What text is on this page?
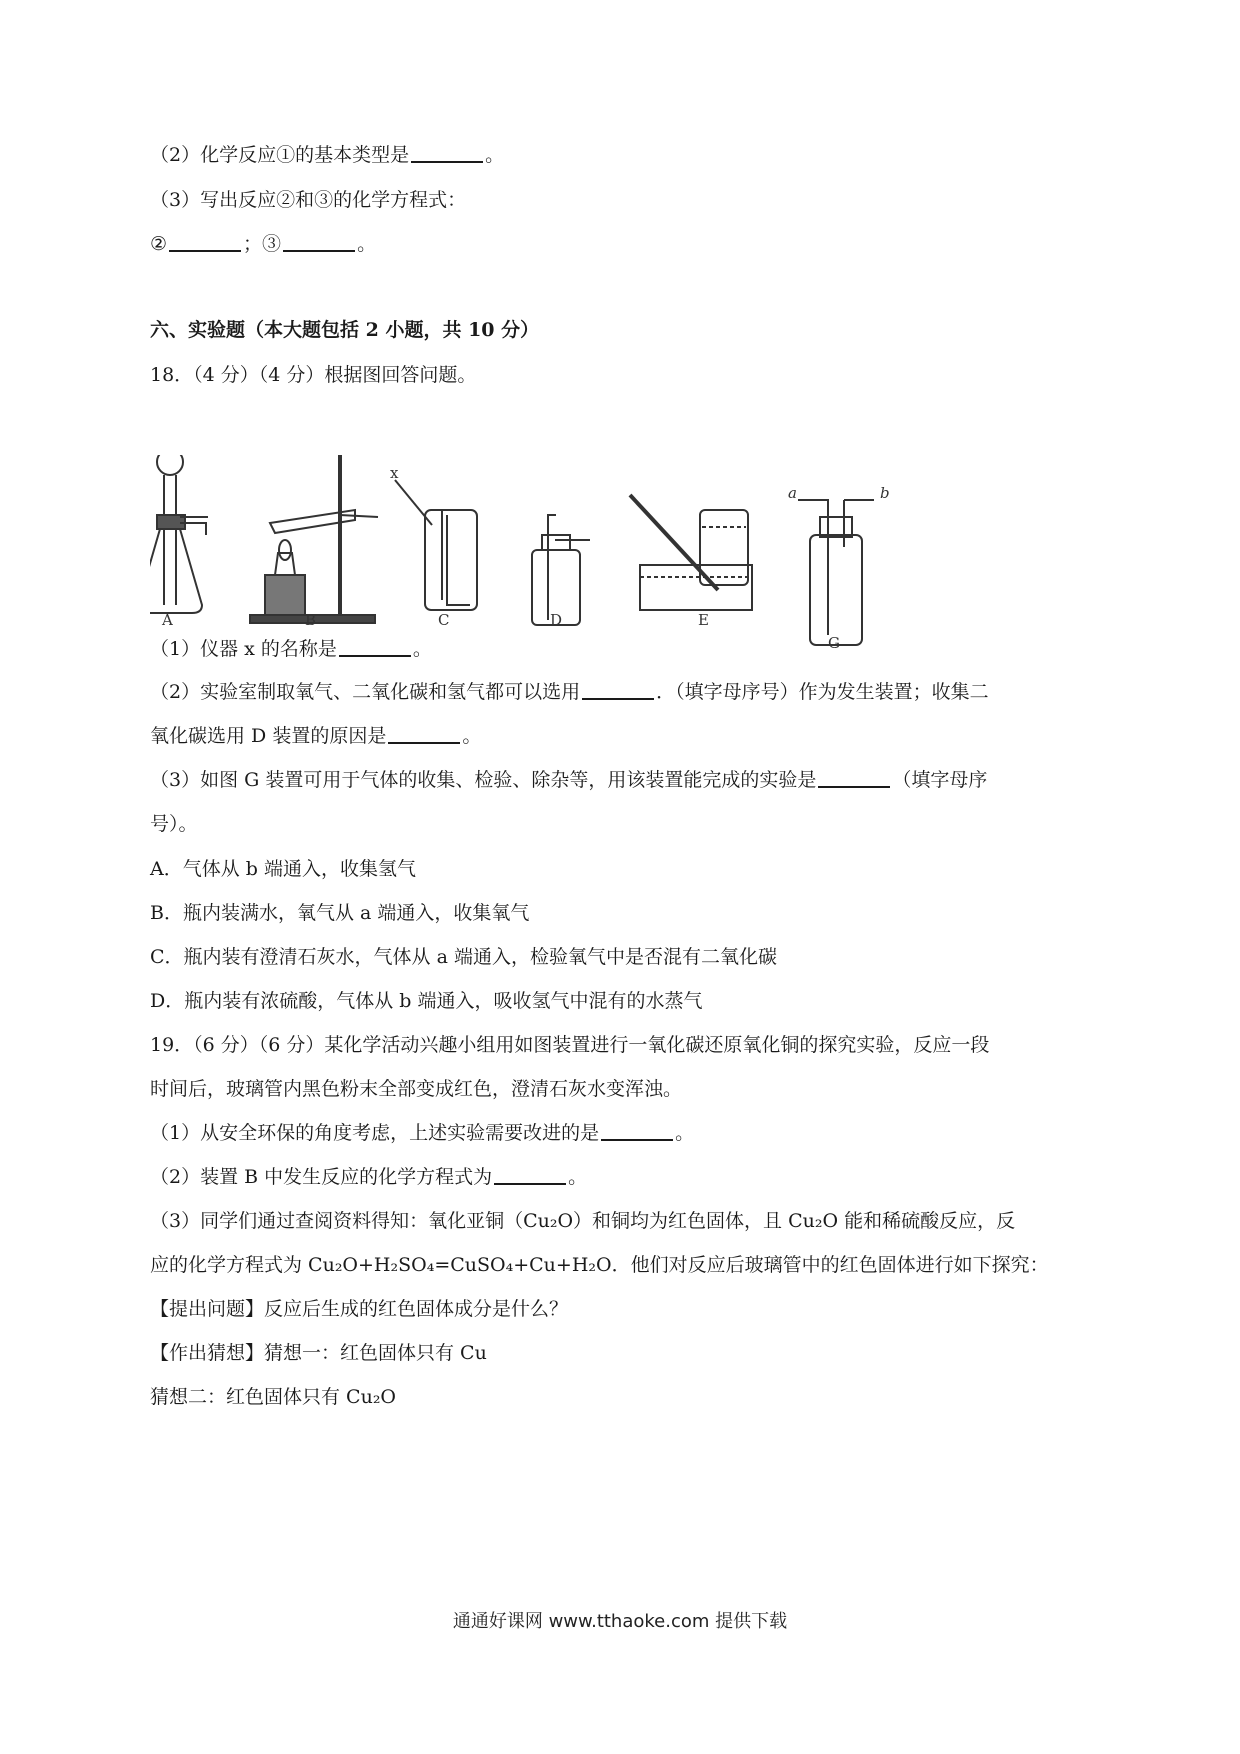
（2）化学反应①的基本类型是	。
（3）写出反应②和③的化学方程式：
②	；③	。
六、实验题（本大题包括 2 小题，共 10 分）
18．（4 分）（4 分）根据图回答问题。
A	B	C	D	E
G
x
a	b
（1）仪器 x 的名称是	。
（2）实验室制取氧气、二氧化碳和氢气都可以选用	．（填字母序号）作为发生装置；收集二
氧化碳选用 D 装置的原因是	。
（3）如图 G 装置可用于气体的收集、检验、除杂等，用该装置能完成的实验是	（填字母序
号）。
A．气体从 b 端通入，收集氢气
B．瓶内装满水，氧气从 a 端通入，收集氧气
C．瓶内装有澄清石灰水，气体从 a 端通入，检验氧气中是否混有二氧化碳
D．瓶内装有浓硫酸，气体从 b 端通入，吸收氢气中混有的水蒸气
19．（6 分）（6 分）某化学活动兴趣小组用如图装置进行一氧化碳还原氧化铜的探究实验，反应一段
时间后，玻璃管内黑色粉末全部变成红色，澄清石灰水变浑浊。
（1）从安全环保的角度考虑，上述实验需要改进的是	。
（2）装置 B 中发生反应的化学方程式为	。
（3）同学们通过查阅资料得知：氧化亚铜（Cu₂O）和铜均为红色固体，且 Cu₂O 能和稀硫酸反应，反
应的化学方程式为 Cu₂O+H₂SO₄=CuSO₄+Cu+H₂O．他们对反应后玻璃管中的红色固体进行如下探究：
【提出问题】反应后生成的红色固体成分是什么？
【作出猜想】猜想一：红色固体只有 Cu
猜想二：红色固体只有 Cu₂O
通通好课网 www.tthaoke.com 提供下载
